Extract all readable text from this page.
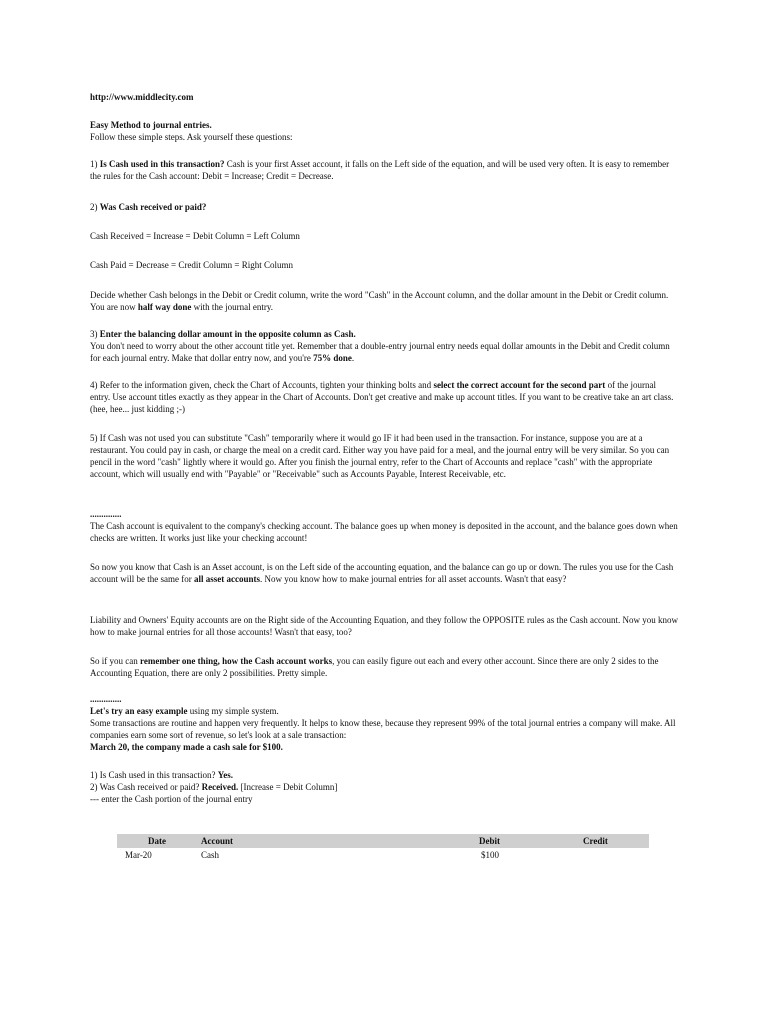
http://www.middlecity.com

Easy Method to journal entries.
Follow these simple steps. Ask yourself these questions:

1) Is Cash used in this transaction? Cash is your first Asset account, it falls on the Left side of the equation, and will be used very often. It is easy to remember the rules for the Cash account: Debit = Increase; Credit = Decrease.

2) Was Cash received or paid?

Cash Received = Increase = Debit Column = Left Column

Cash Paid = Decrease = Credit Column = Right Column

Decide whether Cash belongs in the Debit or Credit column, write the word "Cash" in the Account column, and the dollar amount in the Debit or Credit column. You are now half way done with the journal entry.

3) Enter the balancing dollar amount in the opposite column as Cash.
You don't need to worry about the other account title yet. Remember that a double-entry journal entry needs equal dollar amounts in the Debit and Credit column for each journal entry. Make that dollar entry now, and you're 75% done.

4) Refer to the information given, check the Chart of Accounts, tighten your thinking bolts and select the correct account for the second part of the journal entry. Use account titles exactly as they appear in the Chart of Accounts. Don't get creative and make up account titles. If you want to be creative take an art class. (hee, hee... just kidding ;-)

5) If Cash was not used you can substitute "Cash" temporarily where it would go IF it had been used in the transaction. For instance, suppose you are at a restaurant. You could pay in cash, or charge the meal on a credit card. Either way you have paid for a meal, and the journal entry will be very similar. So you can pencil in the word "cash" lightly where it would go. After you finish the journal entry, refer to the Chart of Accounts and replace "cash" with the appropriate account, which will usually end with "Payable" or "Receivable" such as Accounts Payable, Interest Receivable, etc.

..............

The Cash account is equivalent to the company's checking account. The balance goes up when money is deposited in the account, and the balance goes down when checks are written. It works just like your checking account!

So now you know that Cash is an Asset account, is on the Left side of the accounting equation, and the balance can go up or down. The rules you use for the Cash account will be the same for all asset accounts. Now you know how to make journal entries for all asset accounts. Wasn't that easy?

Liability and Owners' Equity accounts are on the Right side of the Accounting Equation, and they follow the OPPOSITE rules as the Cash account. Now you know how to make journal entries for all those accounts! Wasn't that easy, too?

So if you can remember one thing, how the Cash account works, you can easily figure out each and every other account. Since there are only 2 sides to the Accounting Equation, there are only 2 possibilities. Pretty simple.

..............

Let's try an easy example using my simple system.
Some transactions are routine and happen very frequently. It helps to know these, because they represent 99% of the total journal entries a company will make. All companies earn some sort of revenue, so let's look at a sale transaction:
March 20, the company made a cash sale for $100.

1) Is Cash used in this transaction? Yes.
2) Was Cash received or paid? Received. [Increase = Debit Column]
--- enter the Cash portion of the journal entry

Date	Account	Debit	Credit
Mar-20	Cash	$100
